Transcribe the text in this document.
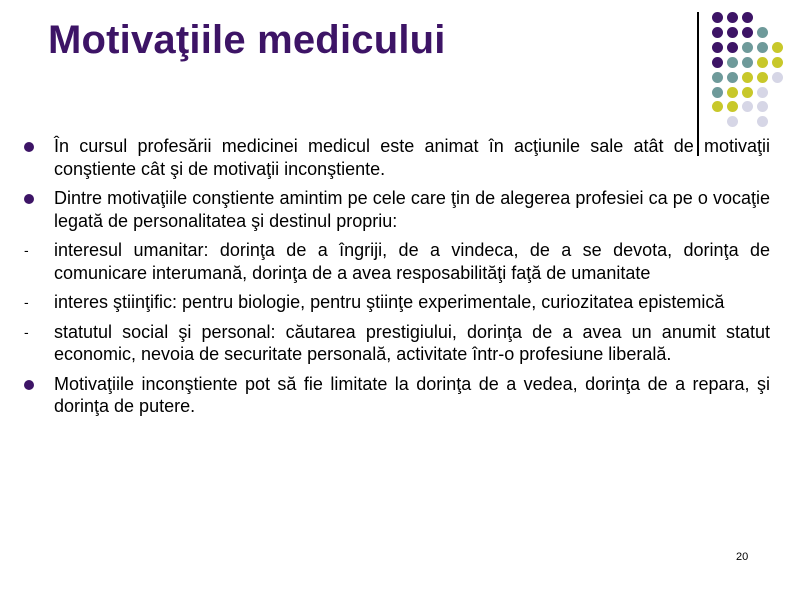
Motivaţiile medicului
În cursul profesării medicinei medicul este animat în acţiunile sale atât de motivaţii conştiente cât şi de motivaţii inconştiente.
Dintre motivaţiile conştiente amintim pe cele care ţin de alegerea profesiei ca pe o vocaţie legată de personalitatea şi destinul propriu:
-	interesul umanitar: dorinţa de a îngriji, de a vindeca, de a se devota, dorinţa de comunicare interumană, dorinţa de a avea resposabilităţi faţă de umanitate
-	interes ştiinţific: pentru biologie, pentru ştiinţe experimentale, curiozitatea epistemică
-	statutul social şi personal: căutarea prestigiului, dorinţa de a avea un anumit statut economic, nevoia de securitate personală, activitate într-o profesiune liberală.
Motivaţiile inconştiente pot să fie limitate la dorinţa de a vedea, dorinţa de a repara, şi dorinţa de putere.
20
